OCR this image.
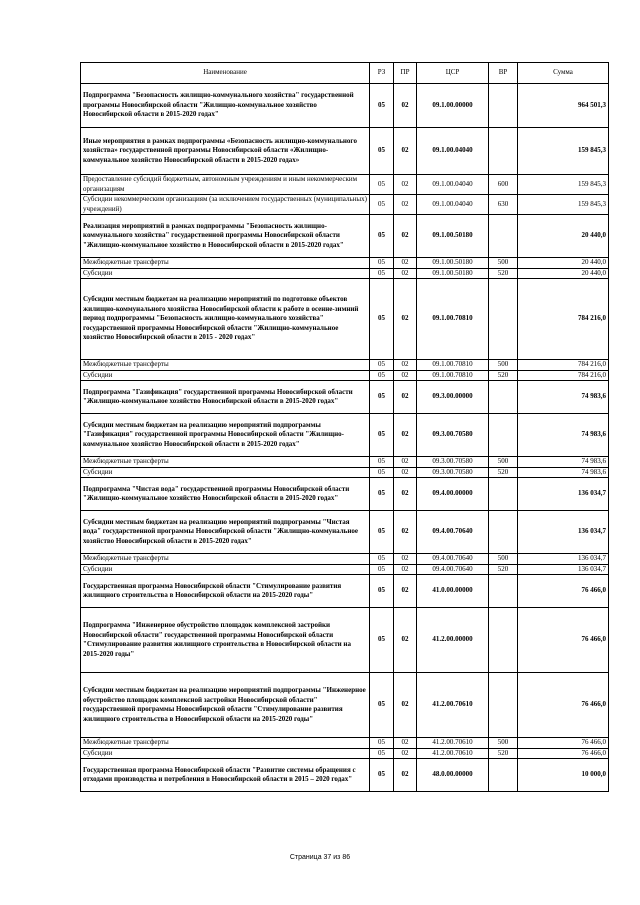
Наименование	РЗ	ПР	ЦСР	ВР	Сумма
Подпрограмма "Безопасность жилищно-коммунального хозяйства" государственной программы Новосибирской области "Жилищно-коммунальное хозяйство Новосибирской области в 2015-2020 годах"	05	02	09.1.00.00000		964 501,3
Иные мероприятия в рамках подпрограммы «Безопасность жилищно-коммунального хозяйства» государственной программы Новосибирской области «Жилищно-коммунальное хозяйство Новосибирской области в 2015-2020 годах»	05	02	09.1.00.04040		159 845,3
Предоставление субсидий бюджетным, автономным учреждениям и иным некоммерческим организациям	05	02	09.1.00.04040	600	159 845,3
Субсидии некоммерческим организациям (за исключением государственных (муниципальных) учреждений)	05	02	09.1.00.04040	630	159 845,3
Реализация мероприятий в рамках подпрограммы "Безопасность жилищно-коммунального хозяйства" государственной программы Новосибирской области "Жилищно-коммунальное хозяйство в Новосибирской области в 2015-2020 годах"	05	02	09.1.00.50180		20 440,0
Межбюджетные трансферты	05	02	09.1.00.50180	500	20 440,0
Субсидии	05	02	09.1.00.50180	520	20 440,0
Субсидии местным бюджетам на реализацию мероприятий по подготовке объектов жилищно-коммунального хозяйства Новосибирской области к работе в осенне-зимний период подпрограммы "Безопасность жилищно-коммунального хозяйства" государственной программы Новосибирской области "Жилищно-коммунальное хозяйство Новосибирской области в 2015 - 2020 годах"	05	02	09.1.00.70810		784 216,0
Межбюджетные трансферты	05	02	09.1.00.70810	500	784 216,0
Субсидии	05	02	09.1.00.70810	520	784 216,0
Подпрограмма "Газификация" государственной программы Новосибирской области "Жилищно-коммунальное хозяйство Новосибирской области в 2015-2020 годах"	05	02	09.3.00.00000		74 983,6
Субсидии местным бюджетам на реализацию мероприятий подпрограммы "Газификация" государственной программы Новосибирской области "Жилищно-коммунальное хозяйство Новосибирской области в 2015-2020 годах"	05	02	09.3.00.70580		74 983,6
Межбюджетные трансферты	05	02	09.3.00.70580	500	74 983,6
Субсидии	05	02	09.3.00.70580	520	74 983,6
Подпрограмма "Чистая вода" государственной программы Новосибирской области "Жилищно-коммунальное хозяйство Новосибирской области в 2015-2020 годах"	05	02	09.4.00.00000		136 034,7
Субсидии местным бюджетам на реализацию мероприятий подпрограммы "Чистая вода" государственной программы Новосибирской области "Жилищно-коммунальное хозяйство Новосибирской области в 2015-2020 годах"	05	02	09.4.00.70640		136 034,7
Межбюджетные трансферты	05	02	09.4.00.70640	500	136 034,7
Субсидии	05	02	09.4.00.70640	520	136 034,7
Государственная программа Новосибирской области "Стимулирование развития жилищного строительства в Новосибирской области на 2015-2020 годы"	05	02	41.0.00.00000		76 466,0
Подпрограмма "Инженерное обустройство площадок комплексной застройки Новосибирской области" государственной программы Новосибирской области "Стимулирование развития жилищного строительства в Новосибирской области на 2015-2020 годы"	05	02	41.2.00.00000		76 466,0
Субсидии местным бюджетам на реализацию мероприятий подпрограммы "Инженерное обустройство площадок комплексной застройки Новосибирской области" государственной программы Новосибирской области "Стимулирование развития жилищного строительства в Новосибирской области на 2015-2020 годы"	05	02	41.2.00.70610		76 466,0
Межбюджетные трансферты	05	02	41.2.00.70610	500	76 466,0
Субсидии	05	02	41.2.00.70610	520	76 466,0
Государственная программа Новосибирской области "Развитие системы обращения с отходами производства и потребления в Новосибирской области в 2015 – 2020 годах"	05	02	48.0.00.00000		10 000,0
Страница 37 из 86
